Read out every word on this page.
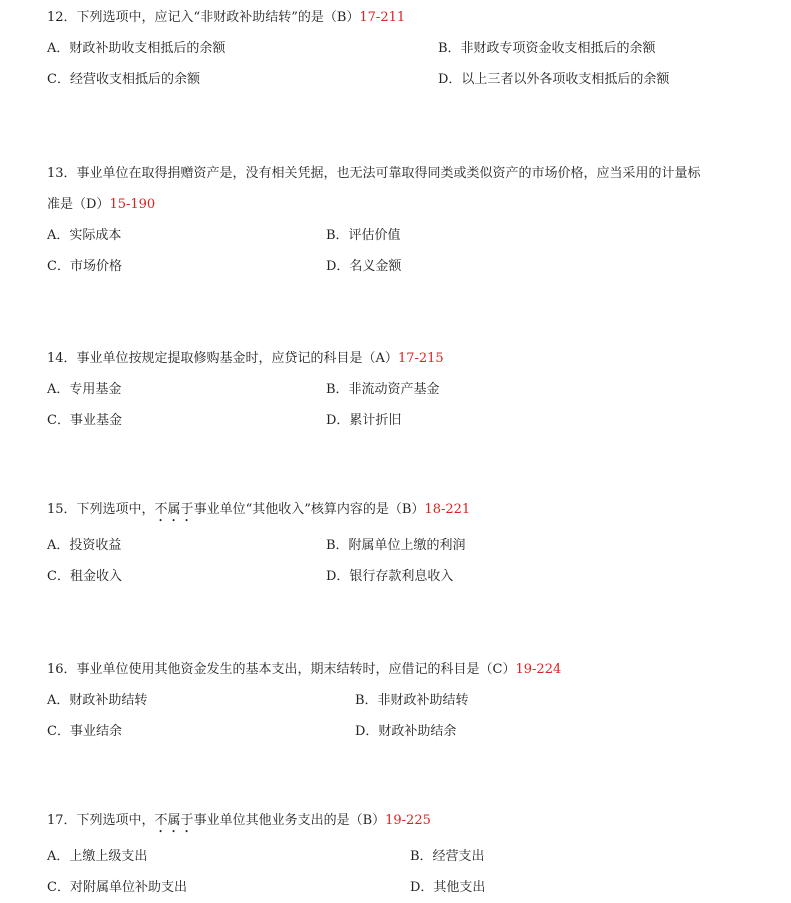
12．下列选项中，应记入“非财政补助结转”的是（B）17-211
A．财政补助收支相抵后的余额	B．非财政专项资金收支相抵后的余额
C．经营收支相抵后的余额	D．以上三者以外各项收支相抵后的余额
13．事业单位在取得捐赠资产是，没有相关凭据，也无法可靠取得同类或类似资产的市场价格，应当采用的计量标
准是（D）15-190
A．实际成本	B．评估价值
C．市场价格	D．名义金额
14．事业单位按规定提取修购基金时，应贷记的科目是（A）17-215
A．专用基金	B．非流动资产基金
C．事业基金	D．累计折旧
15．下列选项中，不属于事业单位“其他收入”核算内容的是（B）18-221
A．投资收益	B．附属单位上缴的利润
C．租金收入	D．银行存款利息收入
16．事业单位使用其他资金发生的基本支出，期末结转时，应借记的科目是（C）19-224
A．财政补助结转	B．非财政补助结转
C．事业结余	D．财政补助结余
17．下列选项中，不属于事业单位其他业务支出的是（B）19-225
A．上缴上级支出	B．经营支出
C．对附属单位补助支出	D．其他支出
